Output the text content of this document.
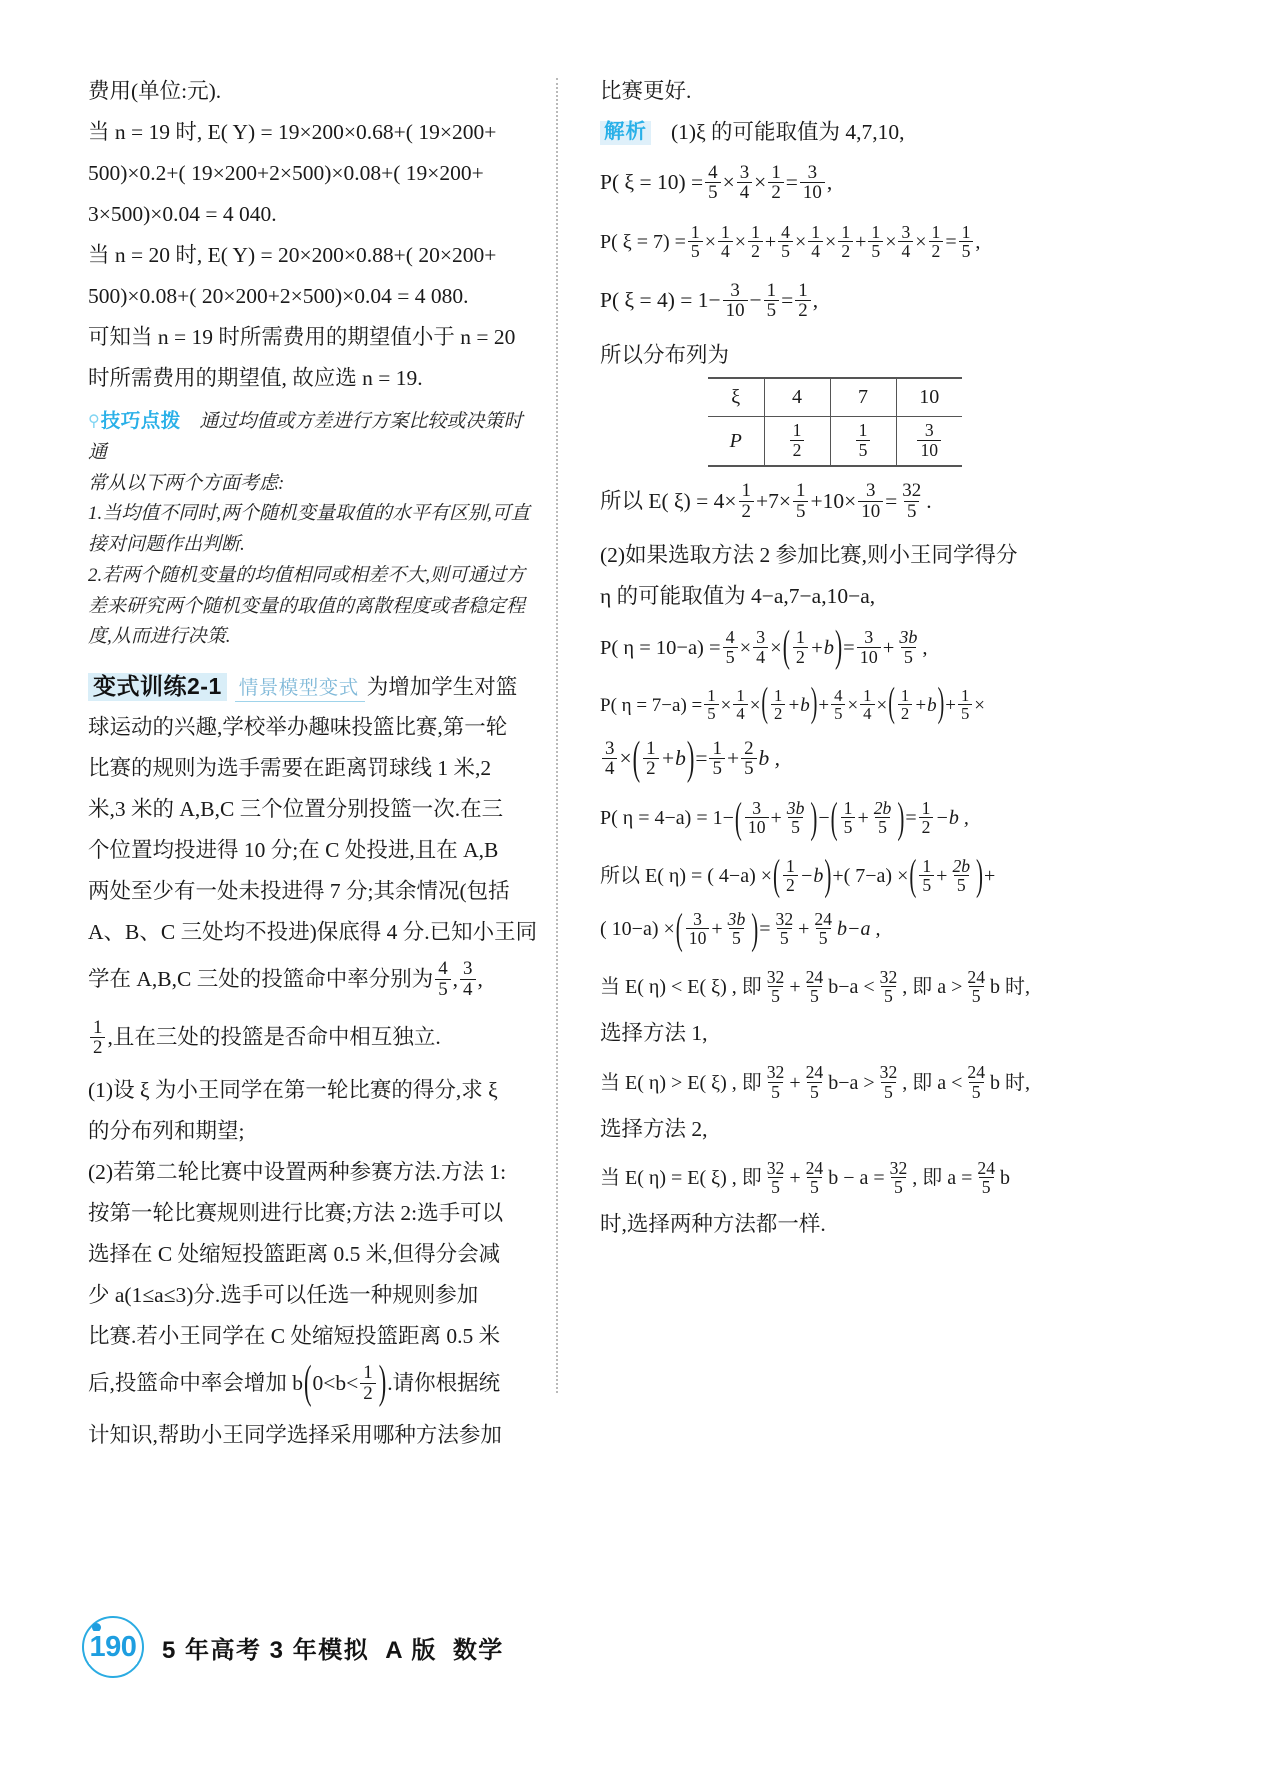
费用(单位:元).
当 n = 19 时, E( Y) = 19×200×0.68+( 19×200+
500)×0.2+( 19×200+2×500)×0.08+( 19×200+
3×500)×0.04 = 4 040.
当 n = 20 时, E( Y) = 20×200×0.88+( 20×200+
500)×0.08+( 20×200+2×500)×0.04 = 4 080.
可知当 n = 19 时所需费用的期望值小于 n = 20
时所需费用的期望值, 故应选 n = 19.
⚲技巧点拨 通过均值或方差进行方案比较或决策时通
常从以下两个方面考虑:
1.当均值不同时,两个随机变量取值的水平有区别,可直
接对问题作出判断.
2.若两个随机变量的均值相同或相差不大,则可通过方
差来研究两个随机变量的取值的离散程度或者稳定程
度,从而进行决策.
变式训练2-1 情景模型变式 为增加学生对篮
球运动的兴趣,学校举办趣味投篮比赛,第一轮
比赛的规则为选手需要在距离罚球线 1 米,2
米,3 米的 A,B,C 三个位置分别投篮一次.在三
个位置均投进得 10 分;在 C 处投进,且在 A,B
两处至少有一处未投进得 7 分;其余情况(包括
A、B、C 三处均不投进)保底得 4 分.已知小王同
学在 A,B,C 三处的投篮命中率分别为 $\frac{4}{5}$ , $\frac{3}{4}$ ,
$\frac{1}{2}$ ,且在三处的投篮是否命中相互独立.
(1)设 ξ 为小王同学在第一轮比赛的得分,求 ξ
的分布列和期望;
(2)若第二轮比赛中设置两种参赛方法.方法 1:
按第一轮比赛规则进行比赛;方法 2:选手可以
选择在 C 处缩短投篮距离 0.5 米,但得分会减
少 a(1≤a≤3)分.选手可以任选一种规则参加
比赛.若小王同学在 C 处缩短投篮距离 0.5 米
后,投篮命中率会增加 b ( $0<b< \frac{1}{2}$ ) .请你根据统
计知识,帮助小王同学选择采用哪种方法参加
比赛更好.
解析 (1)ξ 的可能取值为 4,7,10,
P( $\xi = 10) = \frac{4}{5} \times \frac{3}{4} \times \frac{1}{2} = \frac{3}{10}$ ,
P( $\xi = 7) = \frac{1}{5} \times \frac{1}{4} \times \frac{1}{2} + \frac{4}{5} \times \frac{1}{4} \times \frac{1}{2} + \frac{1}{5} \times \frac{3}{4} \times \frac{1}{2} = \frac{1}{5}$ ,
P( $\xi = 4) = 1- \frac{3}{10} - \frac{1}{5} = \frac{1}{2}$ ,
所以分布列为
ξ	4	7	10
P	$\frac{1}{2}$	$\frac{1}{5}$	$\frac{3}{10}$
所以 E( $\xi) = 4\times \frac{1}{2} +7\times \frac{1}{5} +10\times \frac{3}{10} = \frac{32}{5}$ .
(2)如果选取方法 2 参加比赛,则小王同学得分
η 的可能取值为 4−a,7−a,10−a,
P( $\eta = 10-a) = \frac{4}{5} \times \frac{3}{4}$ × ( $\frac{1}{2} +b$ ) = $\frac{3}{10} + \frac{3b}{5}$ ,
P( $\eta = 7-a) = \frac{1}{5} \times \frac{1}{4}$ × ( $\frac{1}{2} +b$ ) + $\frac{4}{5} \times \frac{1}{4}$ × ( $\frac{1}{2} +b$ ) + $\frac{1}{5}$ ×
$\frac{3}{4}$ × ( $\frac{1}{2} +b$ ) = $\frac{1}{5} + \frac{2}{5}$ b ,
P( η = 4−a) = 1− ( $\frac{3}{10} + \frac{3b}{5}$ ) − ( $\frac{1}{5} + \frac{2b}{5}$ ) = $\frac{1}{2} -b$ ,
所以 E( η) = ( 4−a) × ( $\frac{1}{2} -b$ ) +( 7−a) × ( $\frac{1}{5} + \frac{2b}{5}$ ) +
( 10−a) × ( $\frac{3}{10} + \frac{3b}{5}$ ) = $\frac{32}{5} + \frac{24}{5} b-a$ ,
当 E( η) < E( ξ) , 即 $\frac{32}{5} + \frac{24}{5} b-a < \frac{32}{5}$ , 即 $a > \frac{24}{5}$ b 时,
选择方法 1,
当 E( η) > E( ξ) , 即 $\frac{32}{5} + \frac{24}{5} b-a > \frac{32}{5}$ , 即 $a < \frac{24}{5}$ b 时,
选择方法 2,
当 E( η) = E( ξ) , 即 $\frac{32}{5} + \frac{24}{5}$ $b - a = \frac{32}{5}$ , 即 $a = \frac{24}{5}$ b
时,选择两种方法都一样.
190 5 年高考 3 年模拟 A 版 数学
